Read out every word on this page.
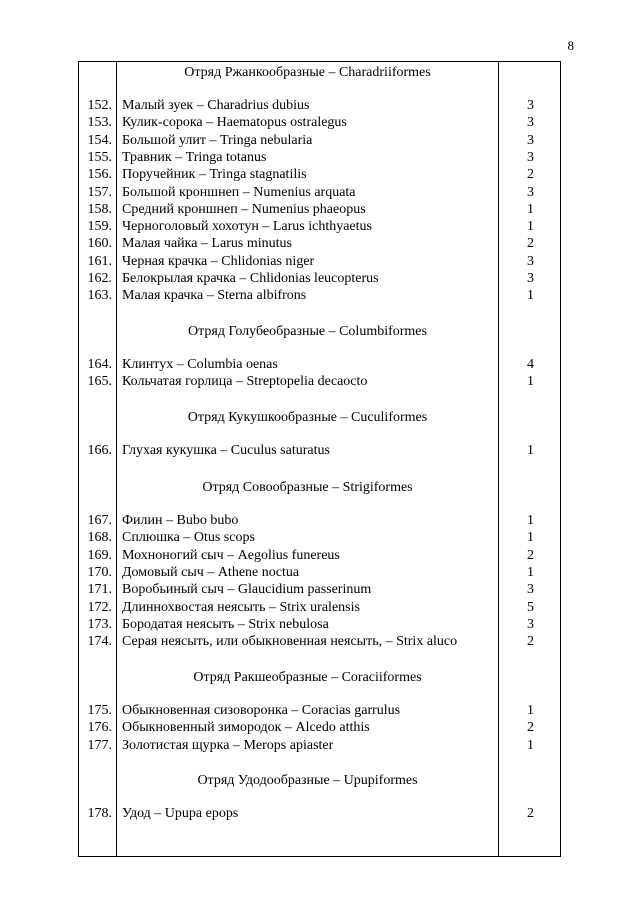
8
Отряд Ржанкообразные – Charadriiformes
152. Малый зуек – Charadrius dubius	3
153. Кулик-сорока – Haematopus ostralegus	3
154. Большой улит – Tringa nebularia	3
155. Травник – Tringa totanus	3
156. Поручейник – Tringa stagnatilis	2
157. Большой кроншнеп – Numenius arquata	3
158. Средний кроншнеп – Numenius phaeopus	1
159. Черноголовый хохотун – Larus ichthyaetus	1
160. Малая чайка – Larus minutus	2
161. Черная крачка – Chlidonias niger	3
162. Белокрылая крачка – Chlidonias leucopterus	3
163. Малая крачка – Sterna albifrons	1
Отряд Голубеобразные – Columbiformes
164. Клинтух – Columbia oenas	4
165. Кольчатая горлица – Streptopelia decaocto	1
Отряд Кукушкообразные – Cuculiformes
166. Глухая кукушка – Cuculus saturatus	1
Отряд Совообразные – Strigiformes
167. Филин – Bubo bubo	1
168. Сплюшка – Otus scops	1
169. Мохноногий сыч – Aegolius funereus	2
170. Домовый сыч – Athene noctua	1
171. Воробьиный сыч – Glaucidium passerinum	3
172. Длиннохвостая неясыть – Strix uralensis	5
173. Бородатая неясыть – Strix nebulosa	3
174. Серая неясыть, или обыкновенная неясыть, – Strix aluco	2
Отряд Ракшеобразные – Coraciiformes
175. Обыкновенная сизоворонка – Coracias garrulus	1
176. Обыкновенный зимородок – Alcedo atthis	2
177. Золотистая щурка – Merops apiaster	1
Отряд Удодообразные – Upupiformes
178. Удод – Upupa epops	2
